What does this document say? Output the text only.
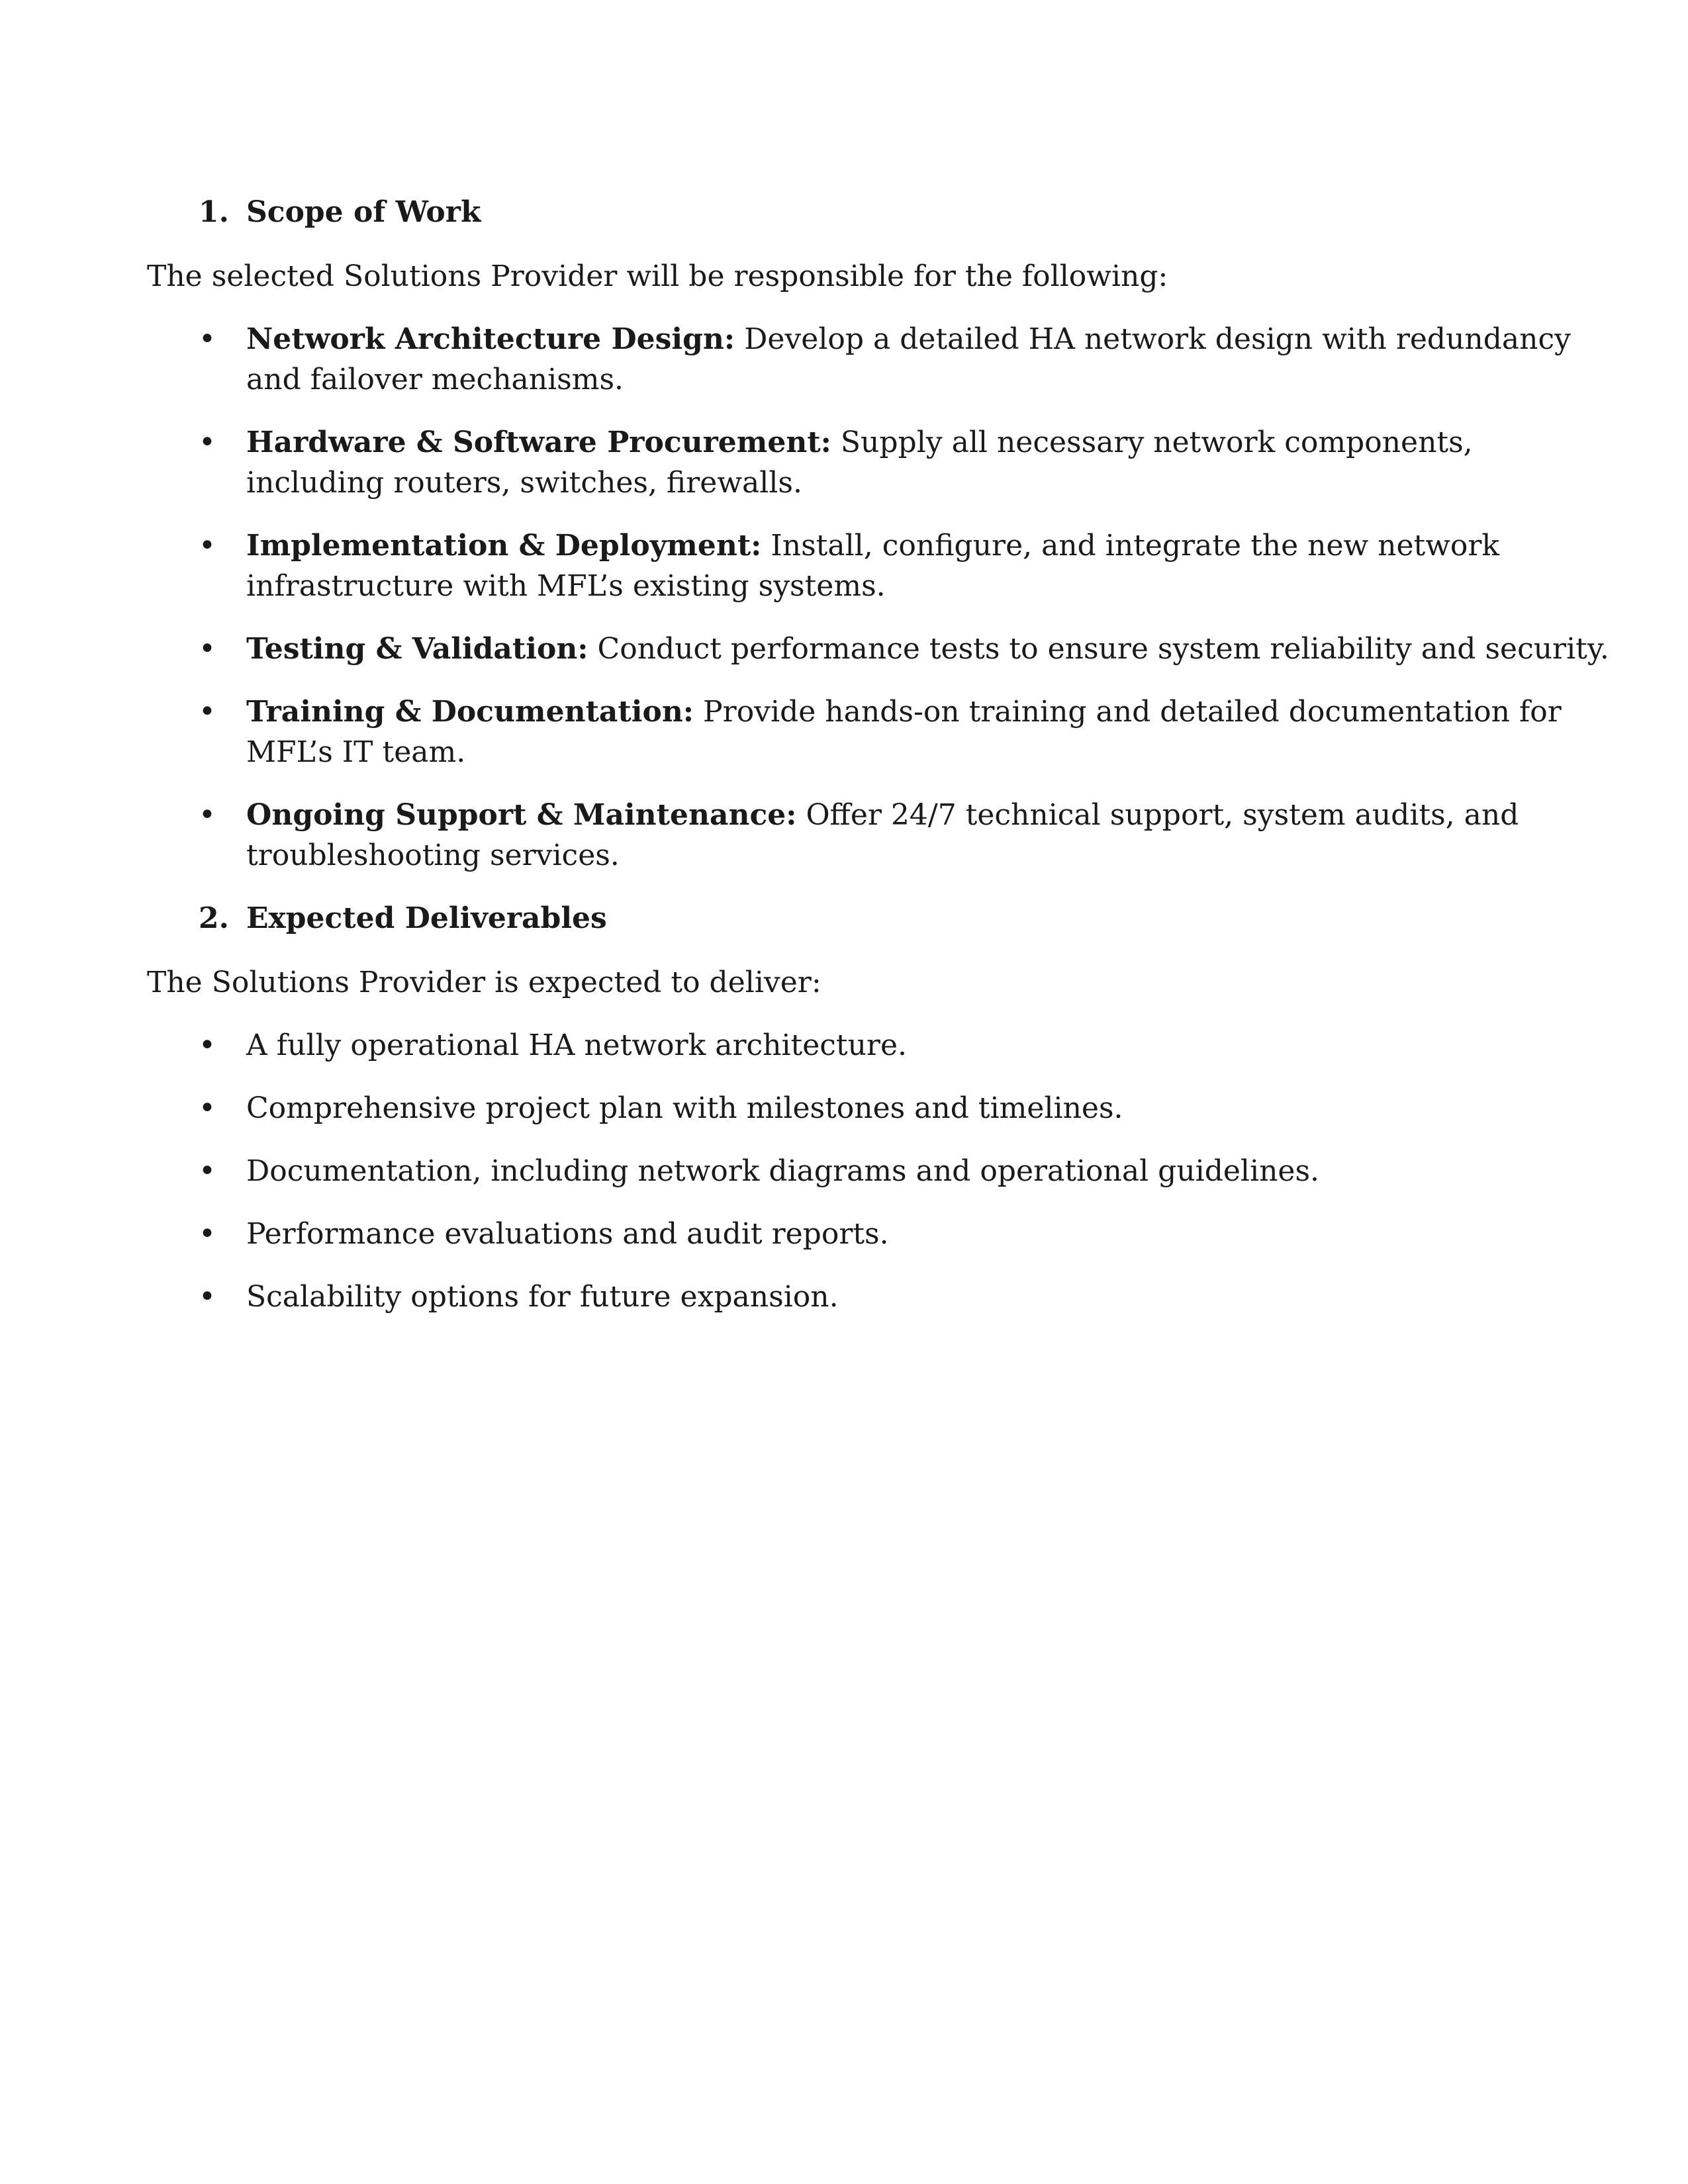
1. Scope of Work

The selected Solutions Provider will be responsible for the following:

• Network Architecture Design: Develop a detailed HA network design with redundancy and failover mechanisms.
• Hardware & Software Procurement: Supply all necessary network components, including routers, switches, firewalls.
• Implementation & Deployment: Install, configure, and integrate the new network infrastructure with MFL’s existing systems.
• Testing & Validation: Conduct performance tests to ensure system reliability and security.
• Training & Documentation: Provide hands-on training and detailed documentation for MFL’s IT team.
• Ongoing Support & Maintenance: Offer 24/7 technical support, system audits, and troubleshooting services.
2. Expected Deliverables

The Solutions Provider is expected to deliver:

• A fully operational HA network architecture.
• Comprehensive project plan with milestones and timelines.
• Documentation, including network diagrams and operational guidelines.
• Performance evaluations and audit reports.
• Scalability options for future expansion.
